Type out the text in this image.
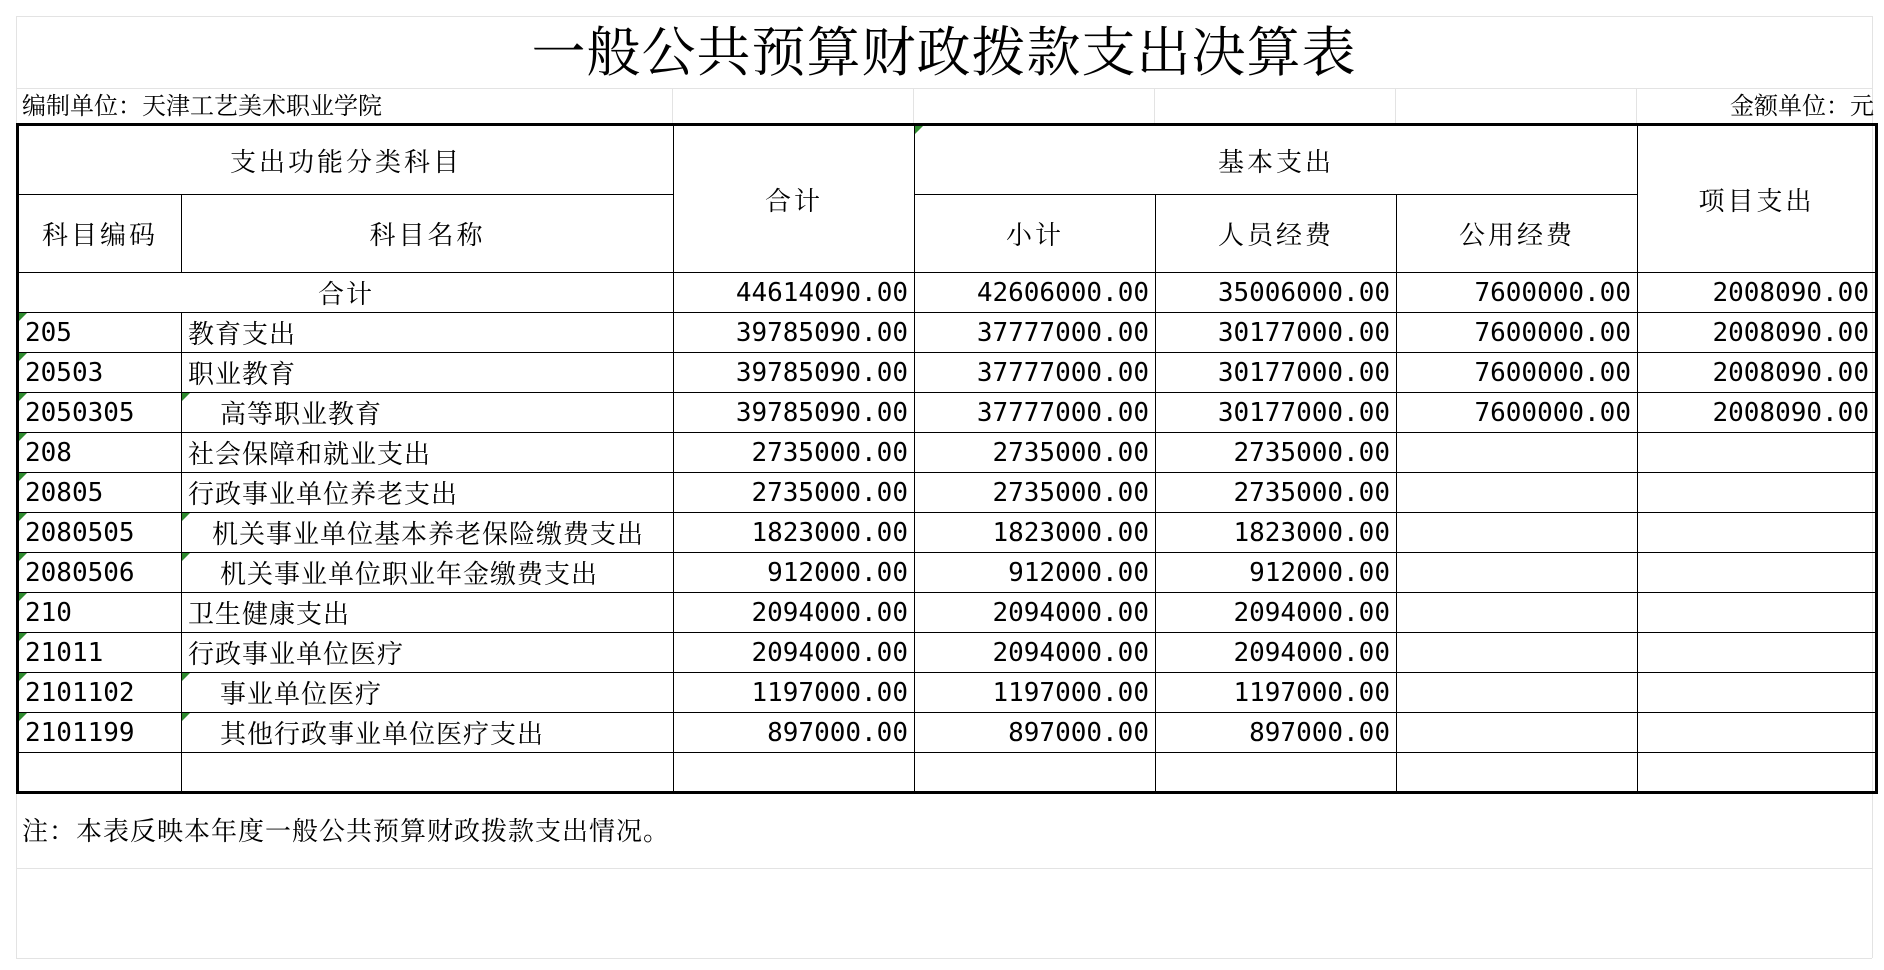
一般公共预算财政拨款支出决算表
编制单位：天津工艺美术职业学院	金额单位：元
支出功能分类科目		合计	基本支出			项目支出
科目编码	科目名称		小计	人员经费	公用经费	
合计		44614090.00	42606000.00	35006000.00	7600000.00	2008090.00
205	教育支出	39785090.00	37777000.00	30177000.00	7600000.00	2008090.00
20503	职业教育	39785090.00	37777000.00	30177000.00	7600000.00	2008090.00
2050305	高等职业教育	39785090.00	37777000.00	30177000.00	7600000.00	2008090.00
208	社会保障和就业支出	2735000.00	2735000.00	2735000.00		
20805	行政事业单位养老支出	2735000.00	2735000.00	2735000.00		
2080505	机关事业单位基本养老保险缴费支出	1823000.00	1823000.00	1823000.00		
2080506	机关事业单位职业年金缴费支出	912000.00	912000.00	912000.00		
210	卫生健康支出	2094000.00	2094000.00	2094000.00		
21011	行政事业单位医疗	2094000.00	2094000.00	2094000.00		
2101102	事业单位医疗	1197000.00	1197000.00	1197000.00		
2101199	其他行政事业单位医疗支出	897000.00	897000.00	897000.00		

注：本表反映本年度一般公共预算财政拨款支出情况。
